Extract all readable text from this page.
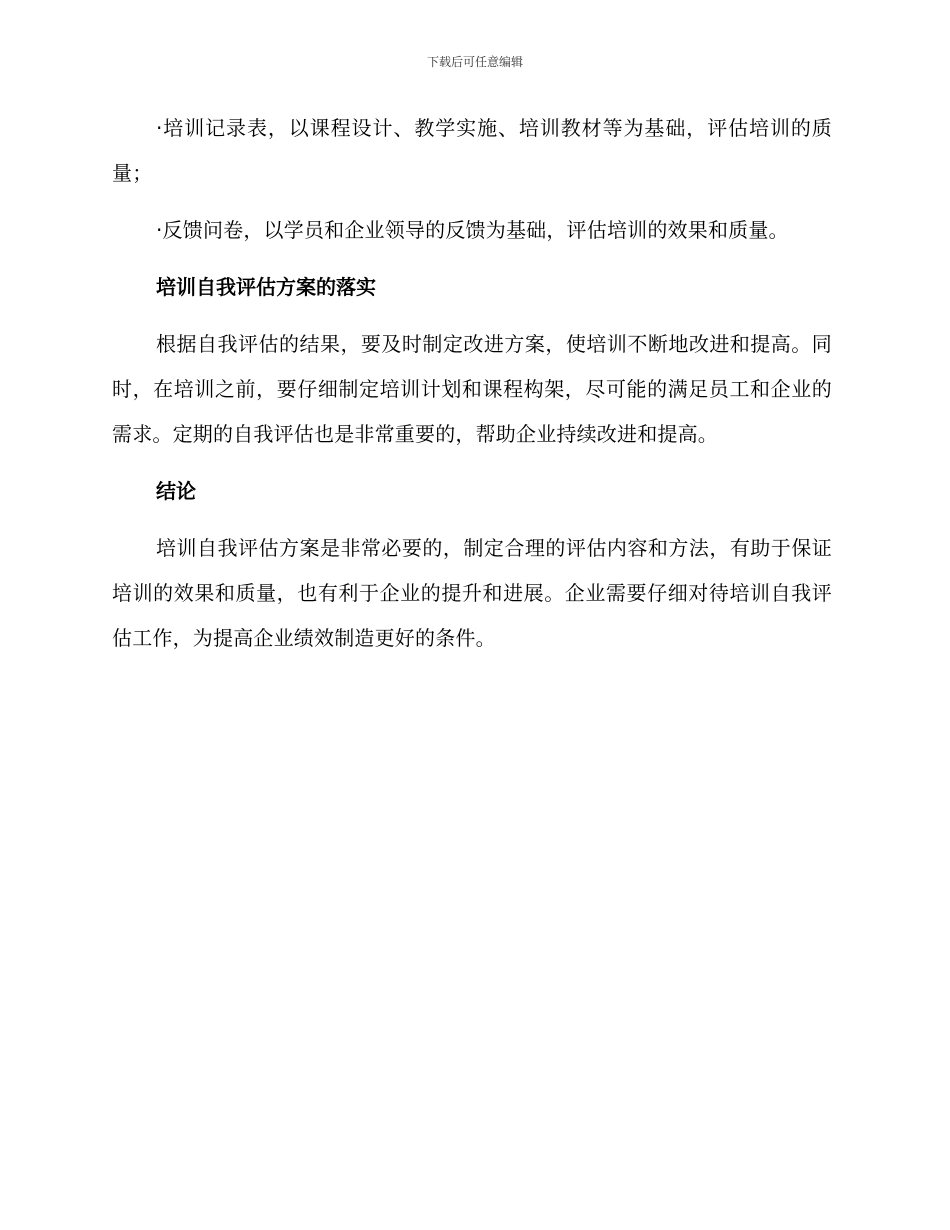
下载后可任意编辑

·培训记录表，以课程设计、教学实施、培训教材等为基础，评估培训的质量；

·反馈问卷，以学员和企业领导的反馈为基础，评估培训的效果和质量。

培训自我评估方案的落实

根据自我评估的结果，要及时制定改进方案，使培训不断地改进和提高。同时，在培训之前，要仔细制定培训计划和课程构架，尽可能的满足员工和企业的需求。定期的自我评估也是非常重要的，帮助企业持续改进和提高。

结论

培训自我评估方案是非常必要的，制定合理的评估内容和方法，有助于保证培训的效果和质量，也有利于企业的提升和进展。企业需要仔细对待培训自我评估工作，为提高企业绩效制造更好的条件。
